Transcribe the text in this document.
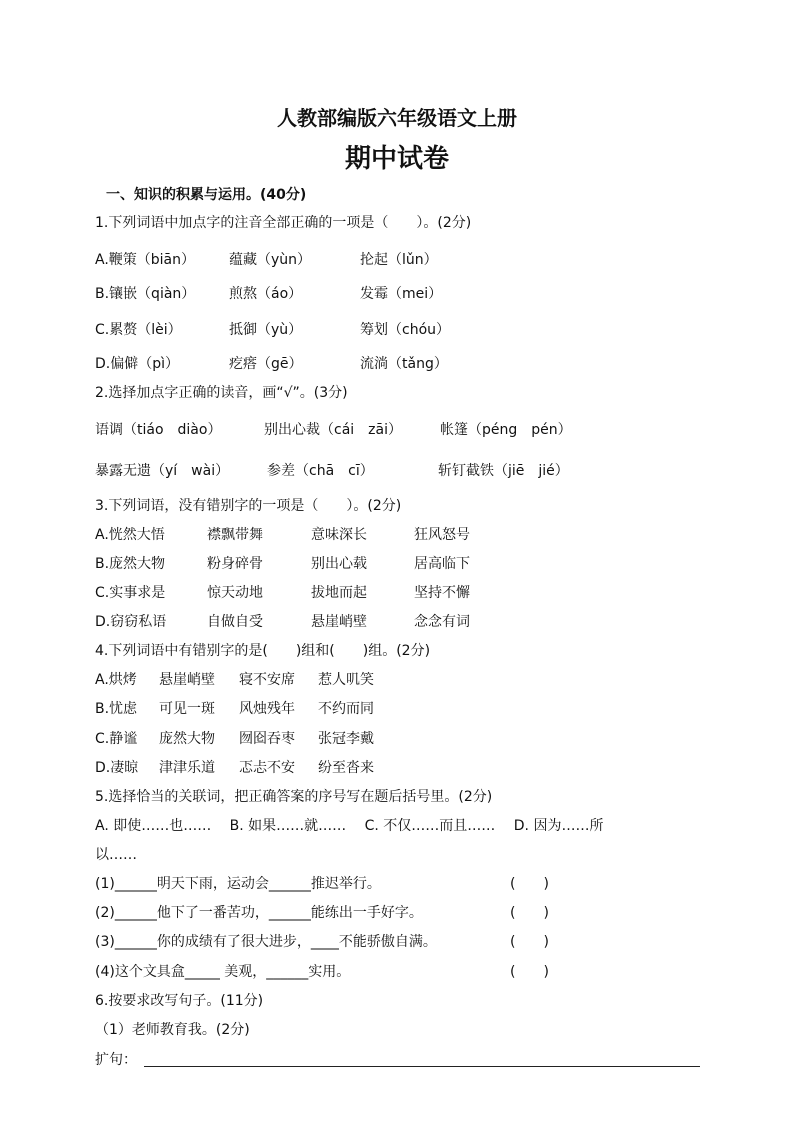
人教部编版六年级语文上册
期中试卷
一、知识的积累与运用。(40分)
1.下列词语中加点字的注音全部正确的一项是（　　）。(2分)
A.鞭策（biān） 蕴藏（yùn）	抡起（lǔn）
B.镶嵌（qiàn） 煎熬（áo）	发霉（mei）
C.累赘（lèi）	抵御（yù）	筹划（chóu）
D.偏僻（pì）	疙瘩（gē）	流淌（tǎng）
2.选择加点字正确的读音，画“√”。(3分)
语调（tiáo　diào）	别出心裁（cái　zāi）	帐篷（péng　pén）
暴露无遗（yí　wài）	参差（chā　cī）	斩钉截铁（jiē　jié）
3.下列词语，没有错别字的一项是（　　）。(2分)
A.恍然大悟	襟飘带舞	意味深长	狂风怒号
B.庞然大物	粉身碎骨	别出心载	居高临下
C.实事求是	惊天动地	拔地而起	坚持不懈
D.窃窃私语	自做自受	悬崖峭壁	念念有词
4.下列词语中有错别字的是(　　)组和(　　)组。(2分)
A.烘烤 悬崖峭壁 寝不安席 惹人叽笑
B.忧虑 可见一斑 风烛残年 不约而同
C.静谧 庞然大物 囫囵吞枣 张冠李戴
D.凄晾 津津乐道 忑忐不安 纷至沓来
5.选择恰当的关联词，把正确答案的序号写在题后括号里。(2分)
A. 即使……也……　 B. 如果……就……　 C. 不仅……而且……　 D. 因为……所
以……
(1)______明天下雨，运动会______推迟举行。	(　　)
(2)______他下了一番苦功，______能练出一手好字。	(　　)
(3)______你的成绩有了很大进步，____不能骄傲自满。	(　　)
(4)这个文具盒_____ 美观，______实用。	(　　)
6.按要求改写句子。(11分)
（1）老师教育我。(2分)
扩句：
